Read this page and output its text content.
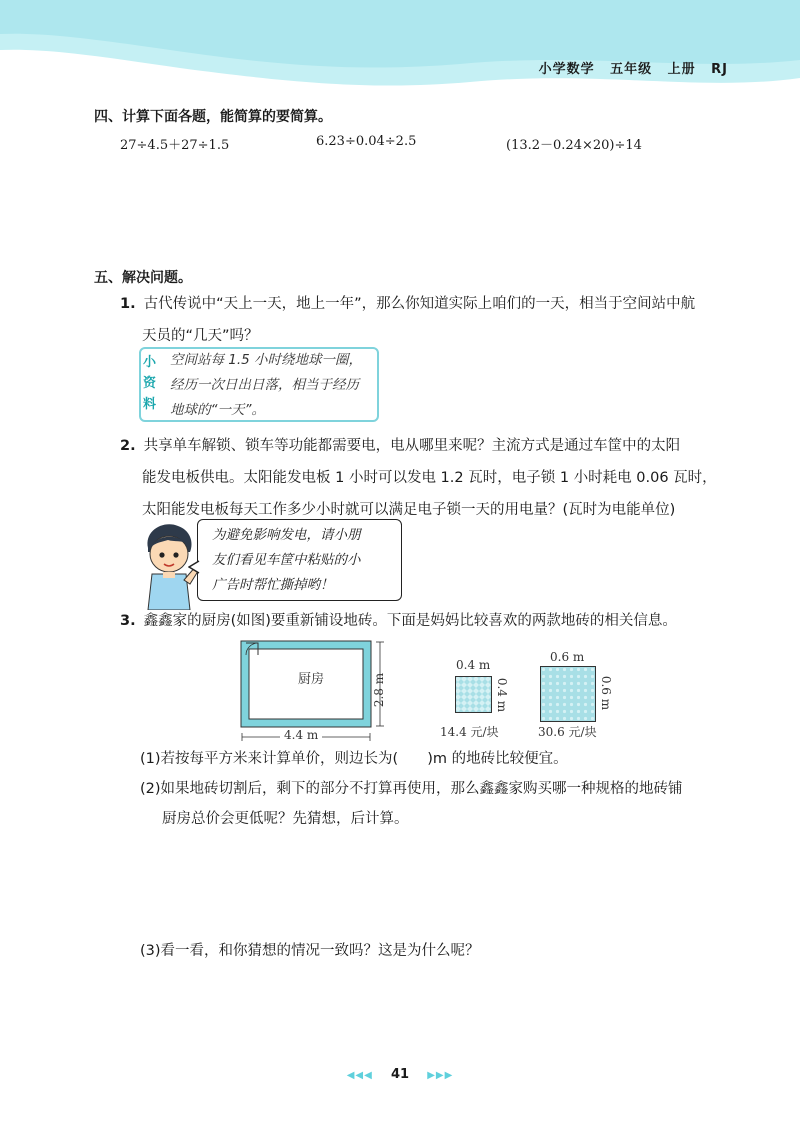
小学数学 五年级 上册 RJ
四、计算下面各题，能简算的要简算。
27÷4.5＋27÷1.5	6.23÷0.04÷2.5	(13.2－0.24×20)÷14
五、解决问题。

1. 古代传说中“天上一天，地上一年”，那么你知道实际上咱们的一天，相当于空间站中航

天员的“几天”吗？

小
资
料
空间站每 1.5 小时绕地球一圈，
经历一次日出日落，相当于经历
地球的“一天”。

2. 共享单车解锁、锁车等功能都需要电，电从哪里来呢？主流方式是通过车筐中的太阳

能发电板供电。太阳能发电板 1 小时可以发电 1.2 瓦时，电子锁 1 小时耗电 0.06 瓦时，

太阳能发电板每天工作多少小时就可以满足电子锁一天的用电量？(瓦时为电能单位)

为避免影响发电，请小朋
友们看见车筐中粘贴的小
广告时帮忙撕掉哟！

3. 鑫鑫家的厨房(如图)要重新铺设地砖。下面是妈妈比较喜欢的两款地砖的相关信息。

厨房
4.4 m
2.8 m
0.4 m
0.4 m
14.4 元/块
0.6 m
0.6 m
30.6 元/块
(1)若按每平方米来计算单价，则边长为(　　)m 的地砖比较便宜。
(2)如果地砖切割后，剩下的部分不打算再使用，那么鑫鑫家购买哪一种规格的地砖铺
厨房总价会更低呢？先猜想，后计算。
(3)看一看，和你猜想的情况一致吗？这是为什么呢？
◀◀◀ 41 ▶▶▶
